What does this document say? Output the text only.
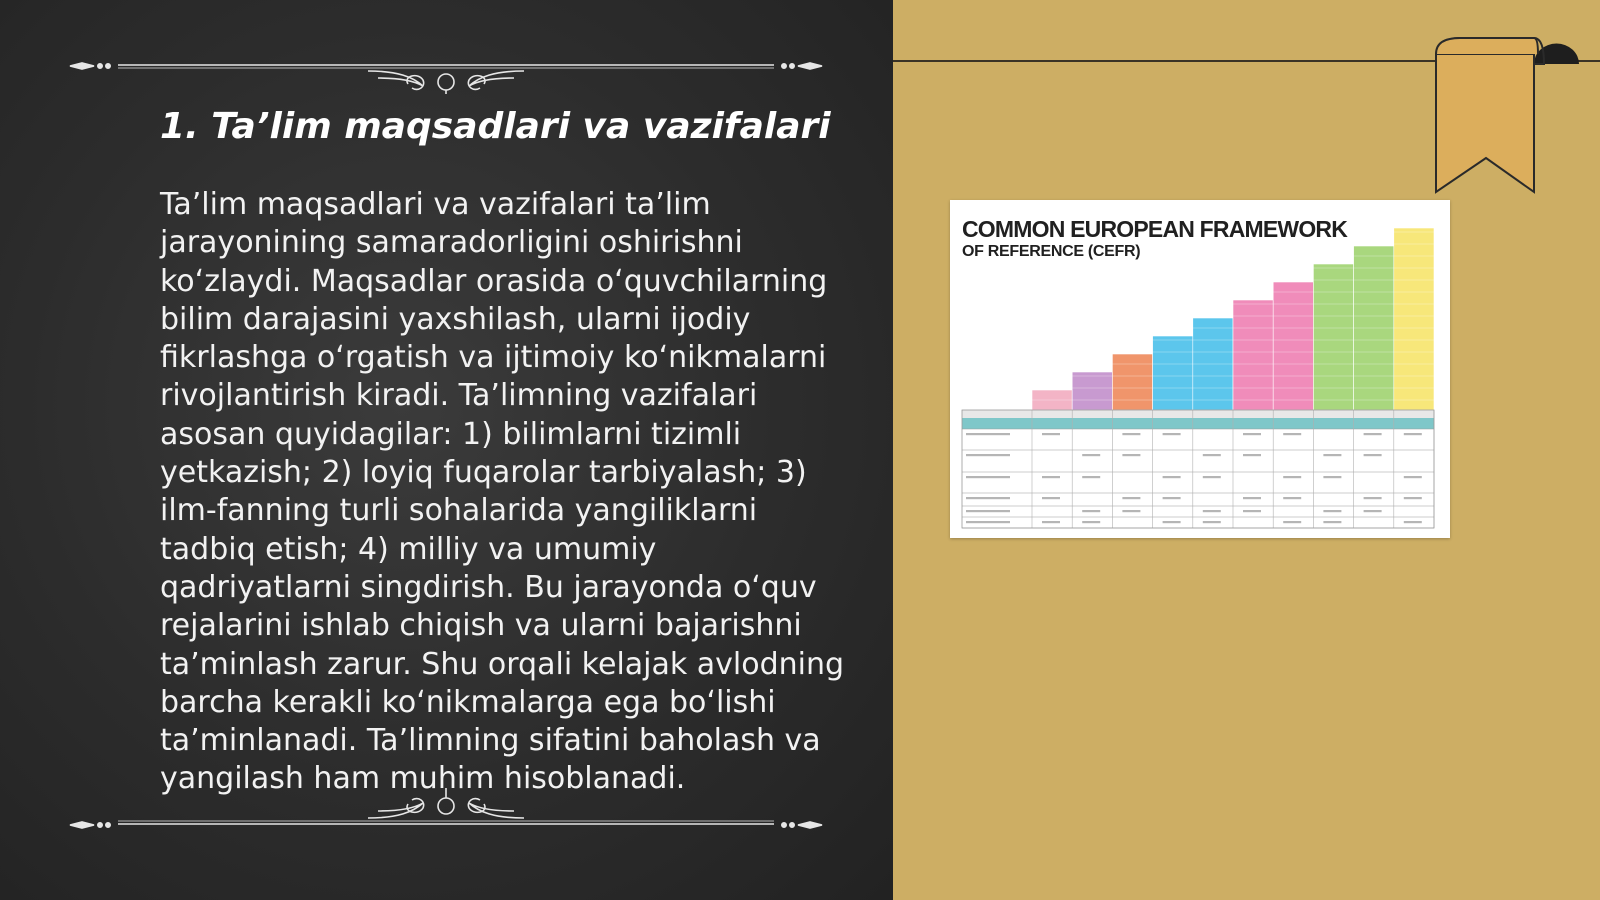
1. Ta’lim maqsadlari va vazifalari

Ta’lim maqsadlari va vazifalari ta’lim jarayonining samaradorligini oshirishni ko‘zlaydi. Maqsadlar orasida o‘quvchilarning bilim darajasini yaxshilash, ularni ijodiy fikrlashga o‘rgatish va ijtimoiy ko‘nikmalarni rivojlantirish kiradi. Ta’limning vazifalari asosan quyidagilar: 1) bilimlarni tizimli yetkazish; 2) loyiq fuqarolar tarbiyalash; 3) ilm-fanning turli sohalarida yangiliklarni tadbiq etish; 4) milliy va umumiy qadriyatlarni singdirish. Bu jarayonda o‘quv rejalarini ishlab chiqish va ularni bajarishni ta’minlash zarur. Shu orqali kelajak avlodning barcha kerakli ko‘nikmalarga ega bo‘lishi ta’minlanadi. Ta’limning sifatini baholash va yangilash ham muhim hisoblanadi.

COMMON EUROPEAN FRAMEWORK
OF REFERENCE (CEFR)
